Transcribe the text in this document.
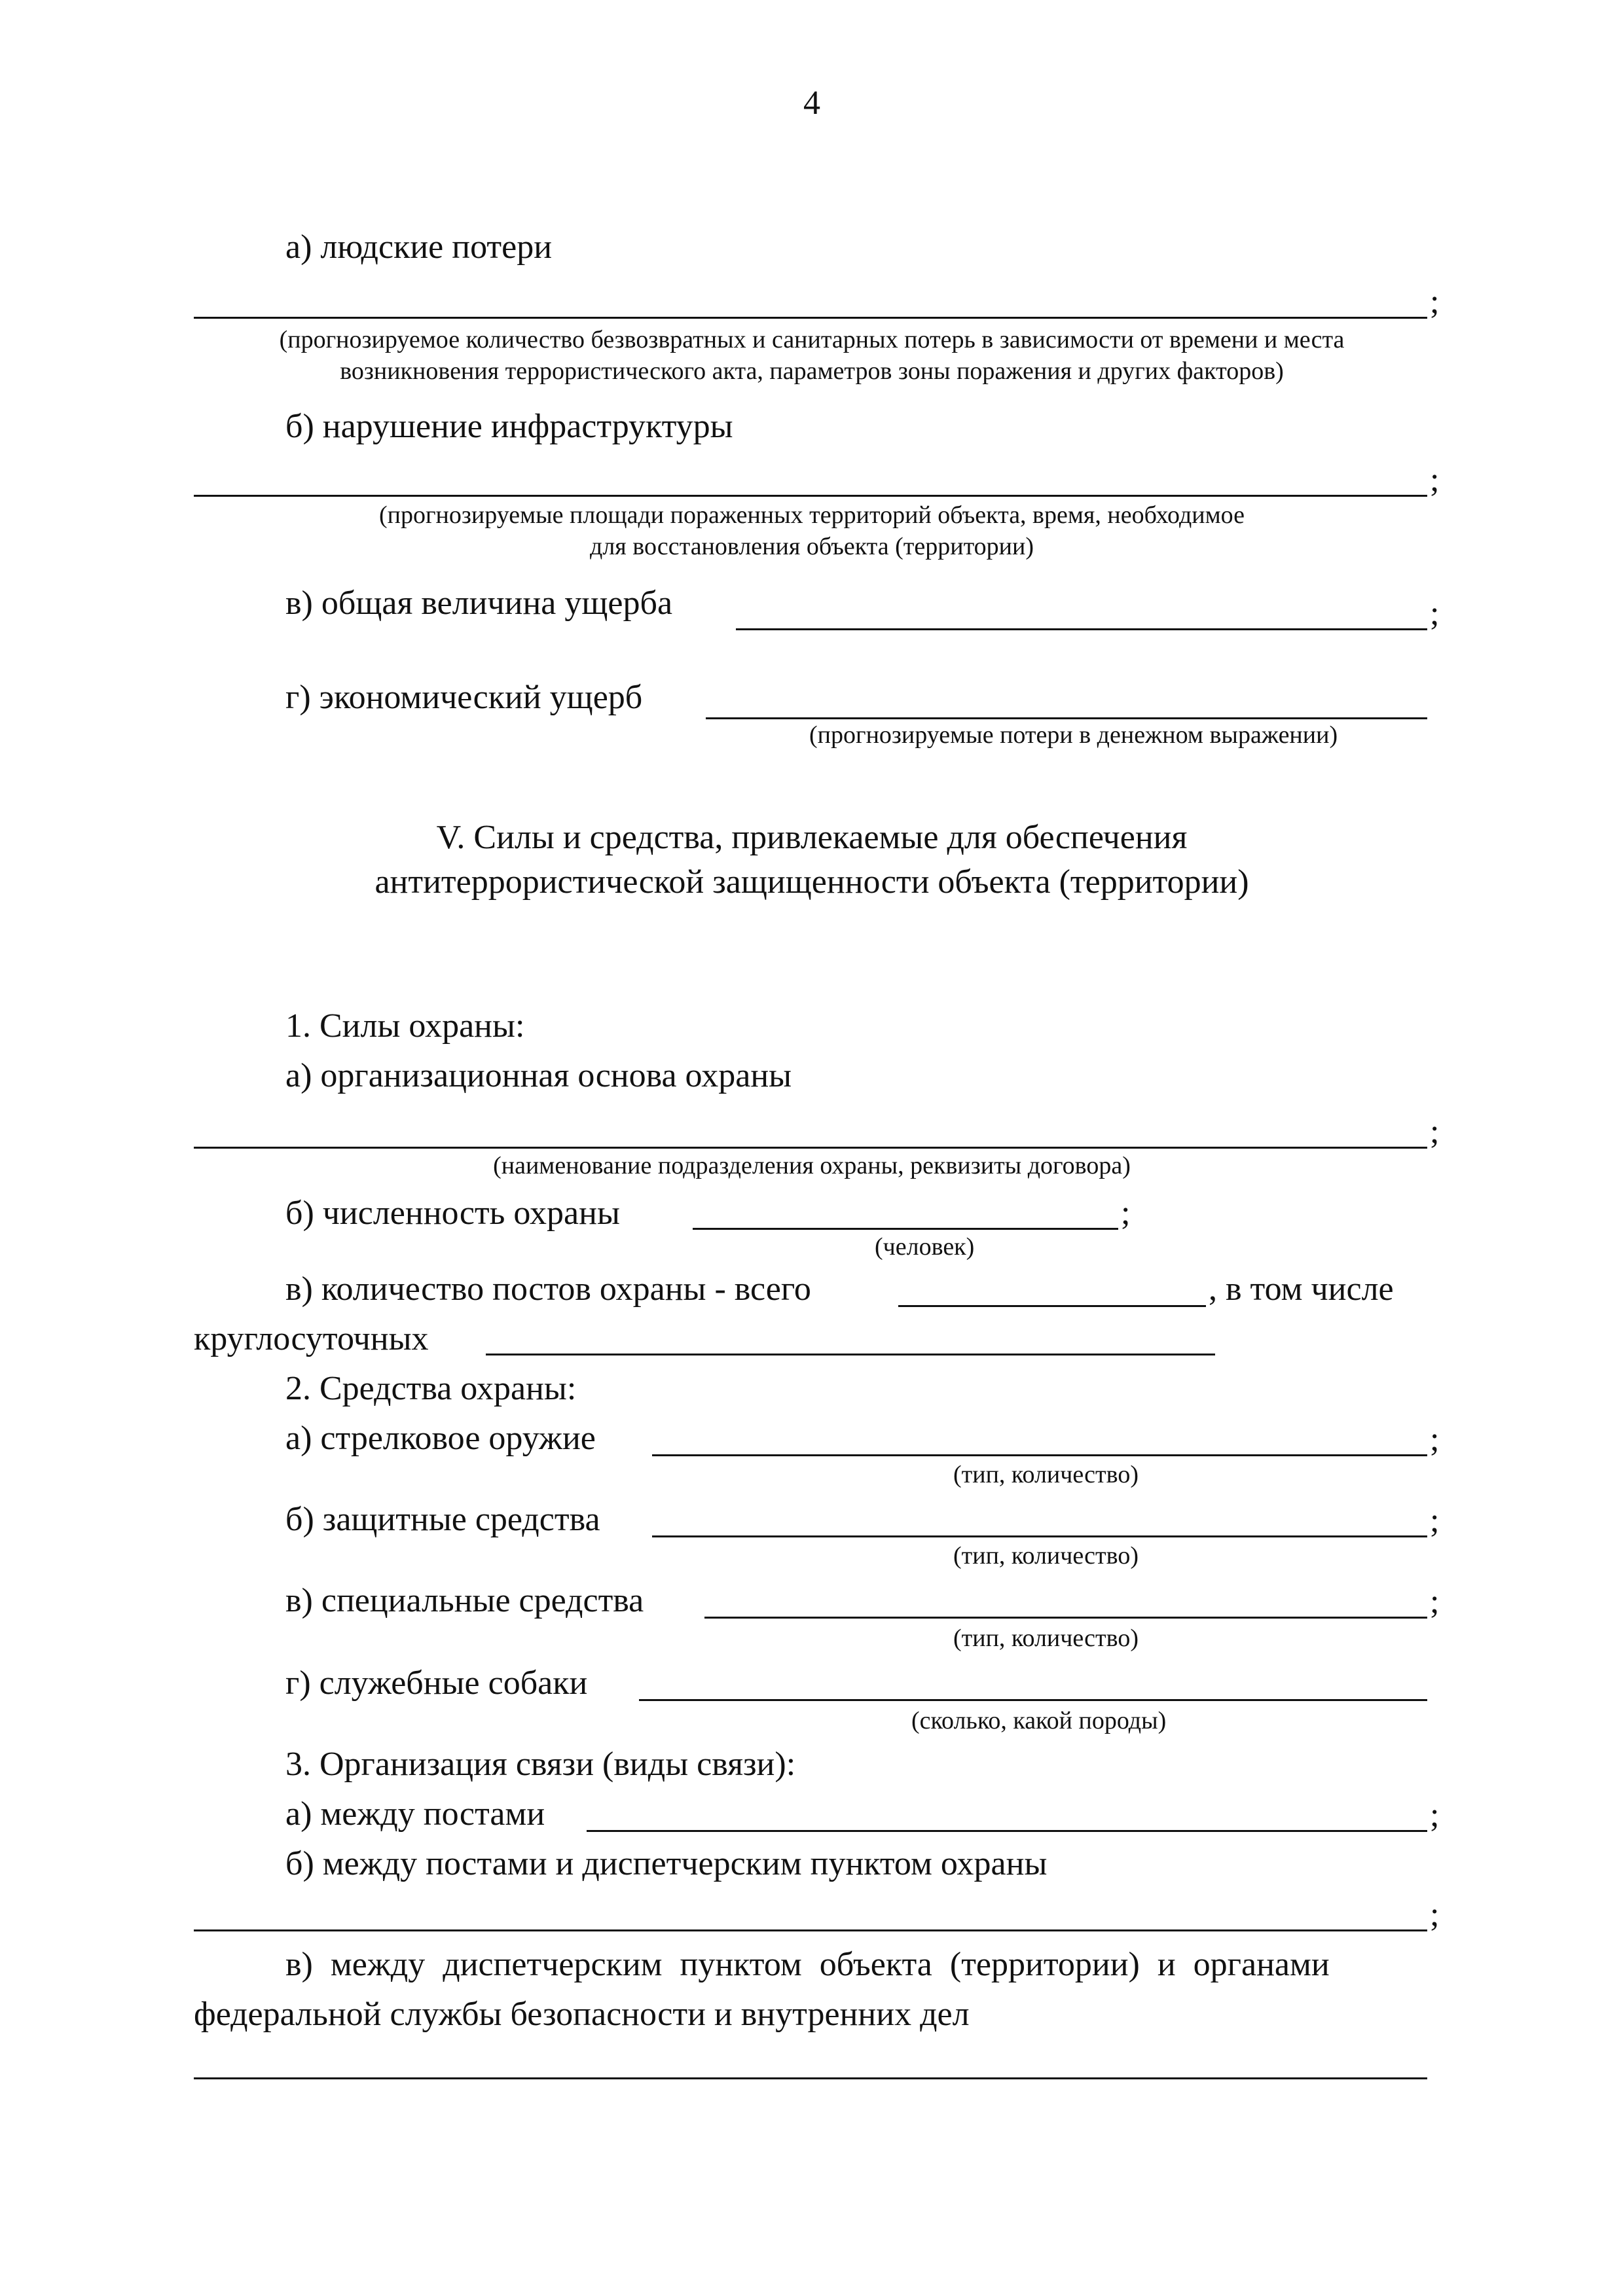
4
а) людские потери
;
(прогнозируемое количество безвозвратных и санитарных потерь в зависимости от времени и места
возникновения террористического акта, параметров зоны поражения и других факторов)
б) нарушение инфраструктуры
;
(прогнозируемые площади пораженных территорий объекта, время, необходимое
для восстановления объекта (территории)
в) общая величина ущерба	;
г) экономический ущерб
(прогнозируемые потери в денежном выражении)
V. Силы и средства, привлекаемые для обеспечения
антитеррористической защищенности объекта (территории)
1. Силы охраны:
а) организационная основа охраны
;
(наименование подразделения охраны, реквизиты договора)
б) численность охраны	;
(человек)
в) количество постов охраны - всего	, в том числе
круглосуточных
2. Средства охраны:
а) стрелковое оружие	;
(тип, количество)
б) защитные средства	;
(тип, количество)
в) специальные средства	;
(тип, количество)
г) служебные собаки
(сколько, какой породы)
3. Организация связи (виды связи):
а) между постами	;
б) между постами и диспетчерским пунктом охраны
;
в) между диспетчерским пунктом объекта (территории) и органами
федеральной службы безопасности и внутренних дел
